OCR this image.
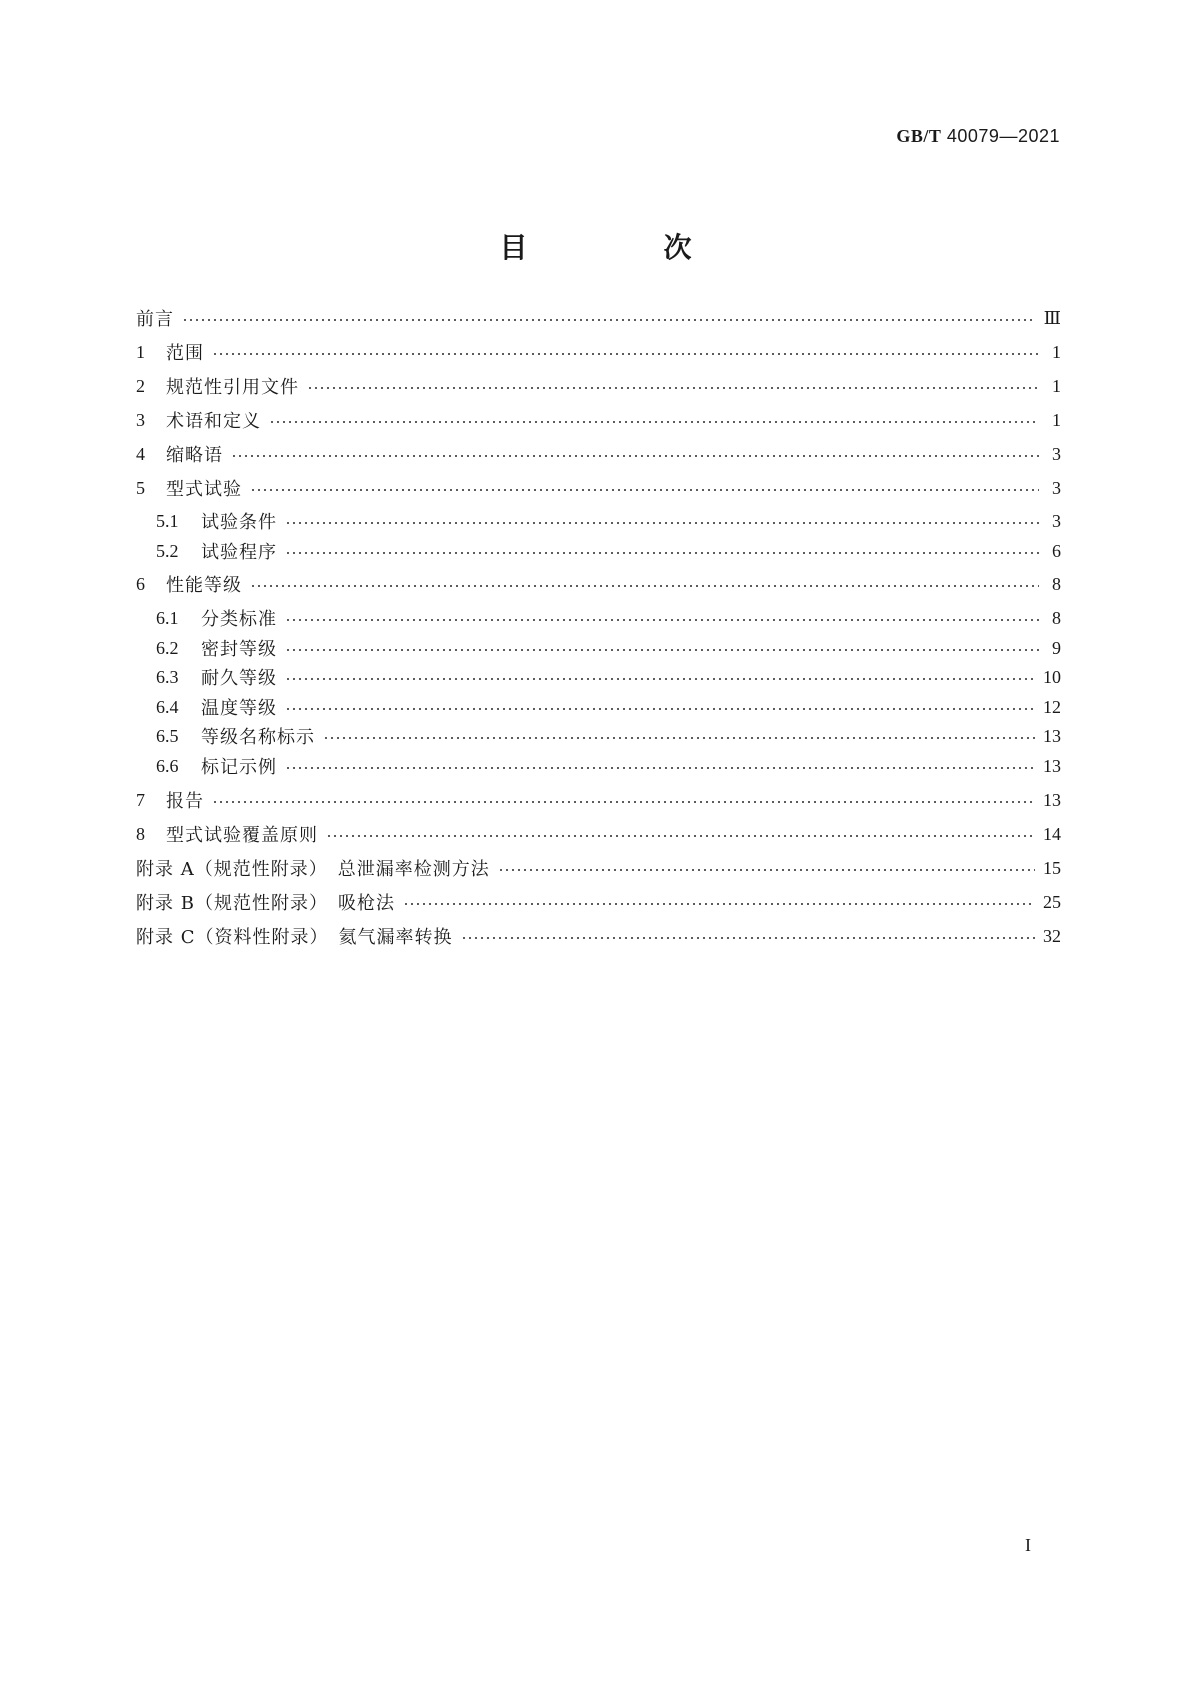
GB/T 40079—2021
目　次
前言	Ⅲ
1	范围	1
2	规范性引用文件	1
3	术语和定义	1
4	缩略语	3
5	型式试验	3
5.1	试验条件	3
5.2	试验程序	6
6	性能等级	8
6.1	分类标准	8
6.2	密封等级	9
6.3	耐久等级	10
6.4	温度等级	12
6.5	等级名称标示	13
6.6	标记示例	13
7	报告	13
8	型式试验覆盖原则	14
附录 A（规范性附录）　总泄漏率检测方法	15
附录 B（规范性附录）　吸枪法	25
附录 C（资料性附录）　氦气漏率转换	32
I
